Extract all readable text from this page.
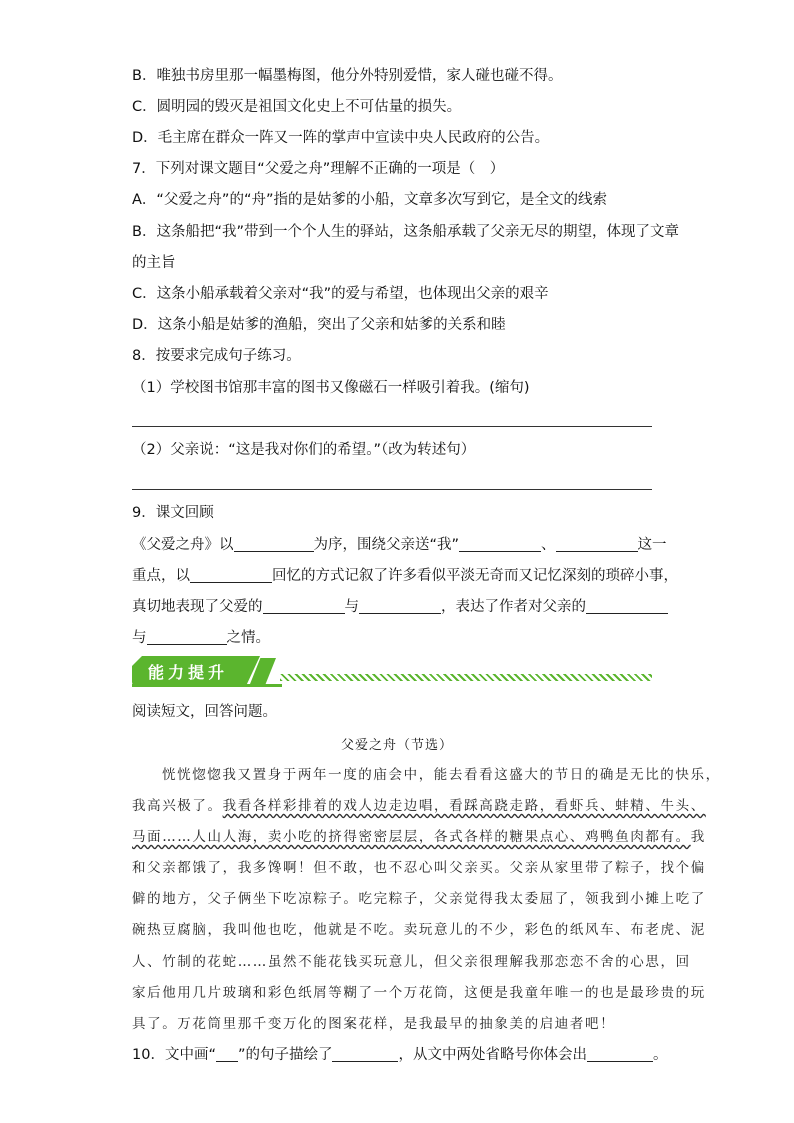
B．唯独书房里那一幅墨梅图，他分外特别爱惜，家人碰也碰不得。
C．圆明园的毁灭是祖国文化史上不可估量的损失。
D．毛主席在群众一阵又一阵的掌声中宣读中央人民政府的公告。
7．下列对课文题目“父爱之舟”理解不正确的一项是（　）
A．“父爱之舟”的“舟”指的是姑爹的小船，文章多次写到它，是全文的线索
B．这条船把“我”带到一个个人生的驿站，这条船承载了父亲无尽的期望，体现了文章
的主旨
C．这条小船承载着父亲对“我”的爱与希望，也体现出父亲的艰辛
D．这条小船是姑爹的渔船，突出了父亲和姑爹的关系和睦
8．按要求完成句子练习。
（1）学校图书馆那丰富的图书又像磁石一样吸引着我。(缩句)
（2）父亲说：“这是我对你们的希望。”（改为转述句）
9．课文回顾
《父爱之舟》以	为序，围绕父亲送“我”	、	这一
重点，以	回忆的方式记叙了许多看似平淡无奇而又记忆深刻的琐碎小事，
真切地表现了父爱的	与	，表达了作者对父亲的
与	之情。
能力提升
阅读短文，回答问题。
父爱之舟（节选）
恍恍惚惚我又置身于两年一度的庙会中，能去看看这盛大的节日的确是无比的快乐，
我高兴极了。我看各样彩排着的戏人边走边唱，看踩高跷走路，看虾兵、蚌精、牛头、
马面……人山人海，卖小吃的挤得密密层层，各式各样的糖果点心、鸡鸭鱼肉都有。我
和父亲都饿了，我多馋啊！但不敢，也不忍心叫父亲买。父亲从家里带了粽子，找个偏
僻的地方，父子俩坐下吃凉粽子。吃完粽子，父亲觉得我太委屈了，领我到小摊上吃了
碗热豆腐脑，我叫他也吃，他就是不吃。卖玩意儿的不少，彩色的纸风车、布老虎、泥
人、竹制的花蛇……虽然不能花钱买玩意儿，但父亲很理解我那恋恋不舍的心思，回
家后他用几片玻璃和彩色纸屑等糊了一个万花筒，这便是我童年唯一的也是最珍贵的玩
具了。万花筒里那千变万化的图案花样，是我最早的抽象美的启迪者吧！
10．文中画“ ”的句子描绘了	，从文中两处省略号你体会出	。
